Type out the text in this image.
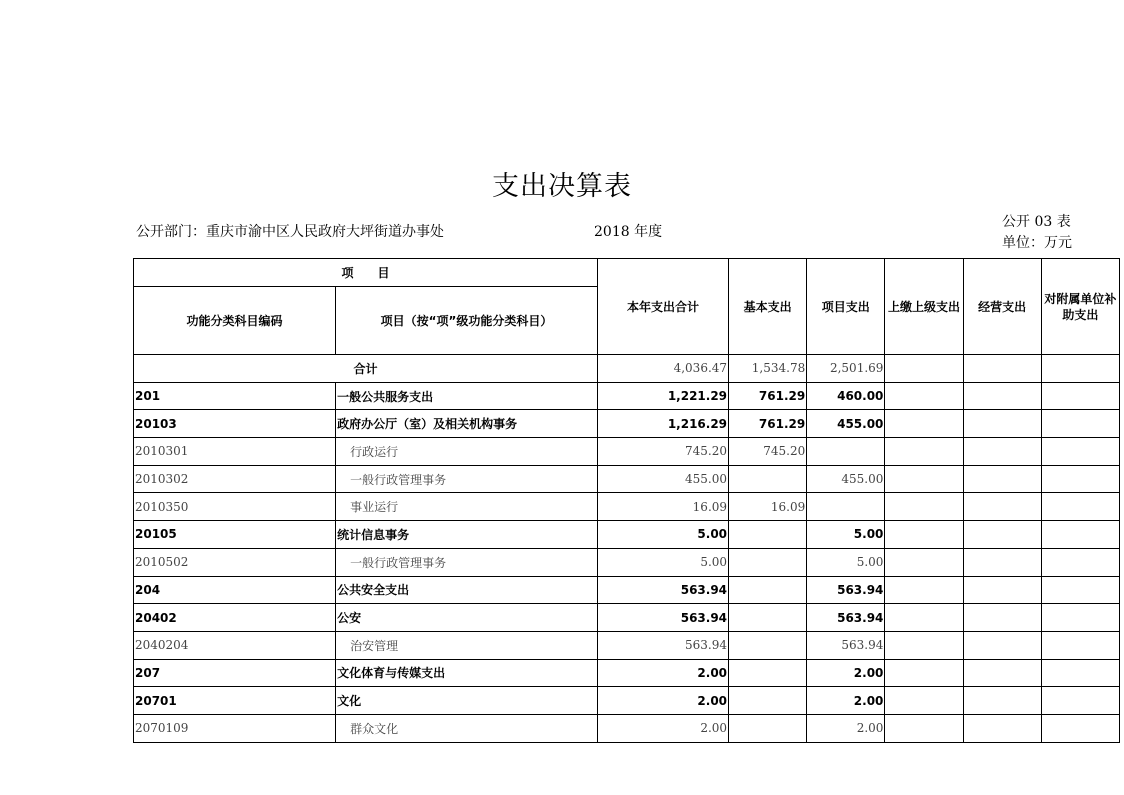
支出决算表
公开部门：重庆市渝中区人民政府大坪街道办事处	2018 年度
公开 03 表
单位：万元
项　　目		本年支出合计	基本支出	项目支出	上缴上级支出	经营支出	对附属单位补助支出
功能分类科目编码	项目（按“项”级功能分类科目）						
合计		4,036.47	1,534.78	2,501.69			
201	一般公共服务支出	1,221.29	761.29	460.00			
20103	政府办公厅（室）及相关机构事务	1,216.29	761.29	455.00			
2010301	行政运行	745.20	745.20				
2010302	一般行政管理事务	455.00		455.00			
2010350	事业运行	16.09	16.09				
20105	统计信息事务	5.00		5.00			
2010502	一般行政管理事务	5.00		5.00			
204	公共安全支出	563.94		563.94			
20402	公安	563.94		563.94			
2040204	治安管理	563.94		563.94			
207	文化体育与传媒支出	2.00		2.00			
20701	文化	2.00		2.00			
2070109	群众文化	2.00		2.00			
